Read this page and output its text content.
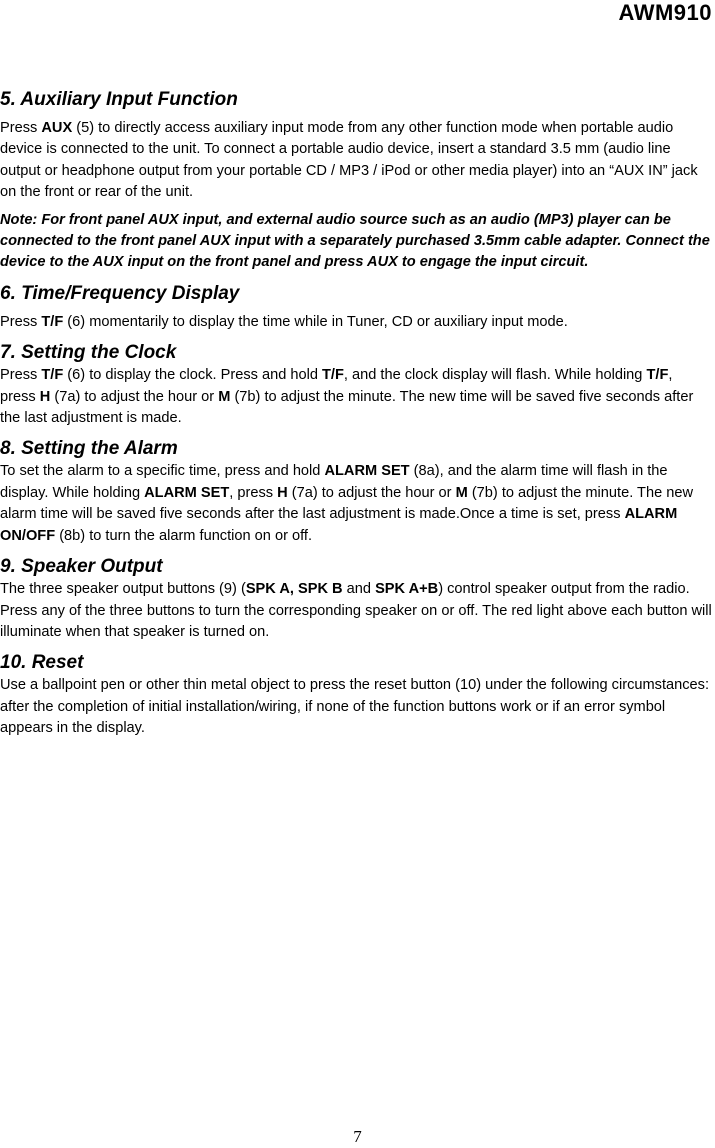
AWM910
5. Auxiliary Input Function

Press AUX (5) to directly access auxiliary input mode from any other function mode when portable audio device is connected to the unit. To connect a portable audio device, insert a standard 3.5 mm (audio line output or headphone output from your portable CD / MP3 / iPod or other media player) into an “AUX IN” jack on the front or rear of the unit.

Note: For front panel AUX input, and external audio source such as an audio (MP3) player can be connected to the front panel AUX input with a separately purchased 3.5mm cable adapter. Connect the device to the AUX input on the front panel and press AUX to engage the input circuit.

6. Time/Frequency Display

Press T/F (6) momentarily to display the time while in Tuner, CD or auxiliary input mode.

7. Setting the Clock

Press T/F (6) to display the clock. Press and hold T/F, and the clock display will flash. While holding T/F, press H (7a) to adjust the hour or M (7b) to adjust the minute. The new time will be saved five seconds after the last adjustment is made.

8. Setting the Alarm

To set the alarm to a specific time, press and hold ALARM SET (8a), and the alarm time will flash in the display. While holding ALARM SET, press H (7a) to adjust the hour or M (7b) to adjust the minute. The new alarm time will be saved five seconds after the last adjustment is made.Once a time is set, press ALARM ON/OFF (8b) to turn the alarm function on or off.

9. Speaker Output

The three speaker output buttons (9) (SPK A, SPK B and SPK A+B) control speaker output from the radio. Press any of the three buttons to turn the corresponding speaker on or off. The red light above each button will illuminate when that speaker is turned on.

10. Reset

Use a ballpoint pen or other thin metal object to press the reset button (10) under the following circumstances: after the completion of initial installation/wiring, if none of the function buttons work or if an error symbol appears in the display.

7
